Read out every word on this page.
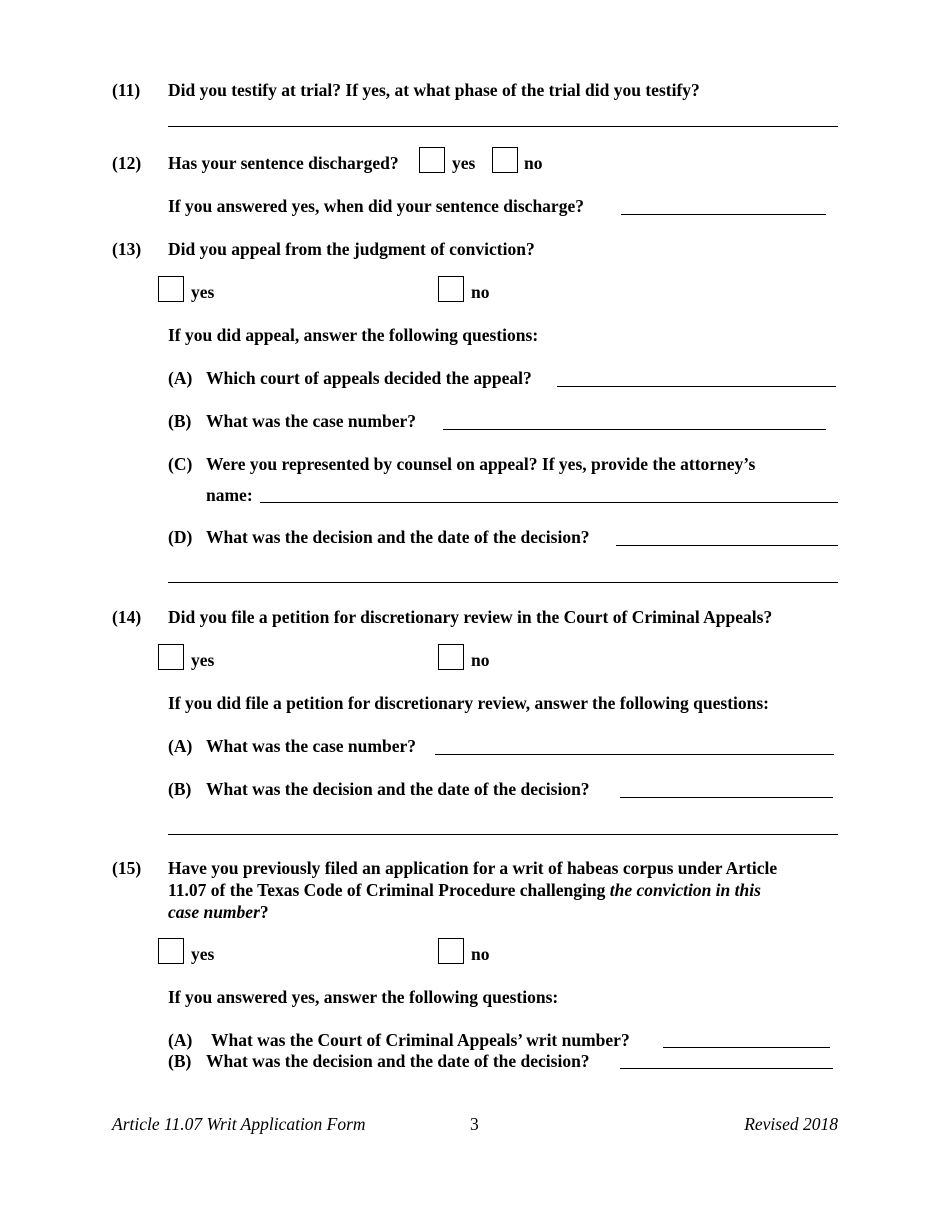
(11) Did you testify at trial? If yes, at what phase of the trial did you testify?
(12) Has your sentence discharged?	yes	no
If you answered yes, when did your sentence discharge?
(13) Did you appeal from the judgment of conviction?
yes	no
If you did appeal, answer the following questions:
(A) Which court of appeals decided the appeal?
(B) What was the case number?
(C) Were you represented by counsel on appeal? If yes, provide the attorney’s
name:
(D) What was the decision and the date of the decision?
(14) Did you file a petition for discretionary review in the Court of Criminal Appeals?
yes	no
If you did file a petition for discretionary review, answer the following questions:
(A) What was the case number?
(B) What was the decision and the date of the decision?
(15) Have you previously filed an application for a writ of habeas corpus under Article
11.07 of the Texas Code of Criminal Procedure challenging the conviction in this
case number?
yes	no
If you answered yes, answer the following questions:
(A) What was the Court of Criminal Appeals’ writ number?
(B) What was the decision and the date of the decision?
Article 11.07 Writ Application Form	3	Revised 2018
